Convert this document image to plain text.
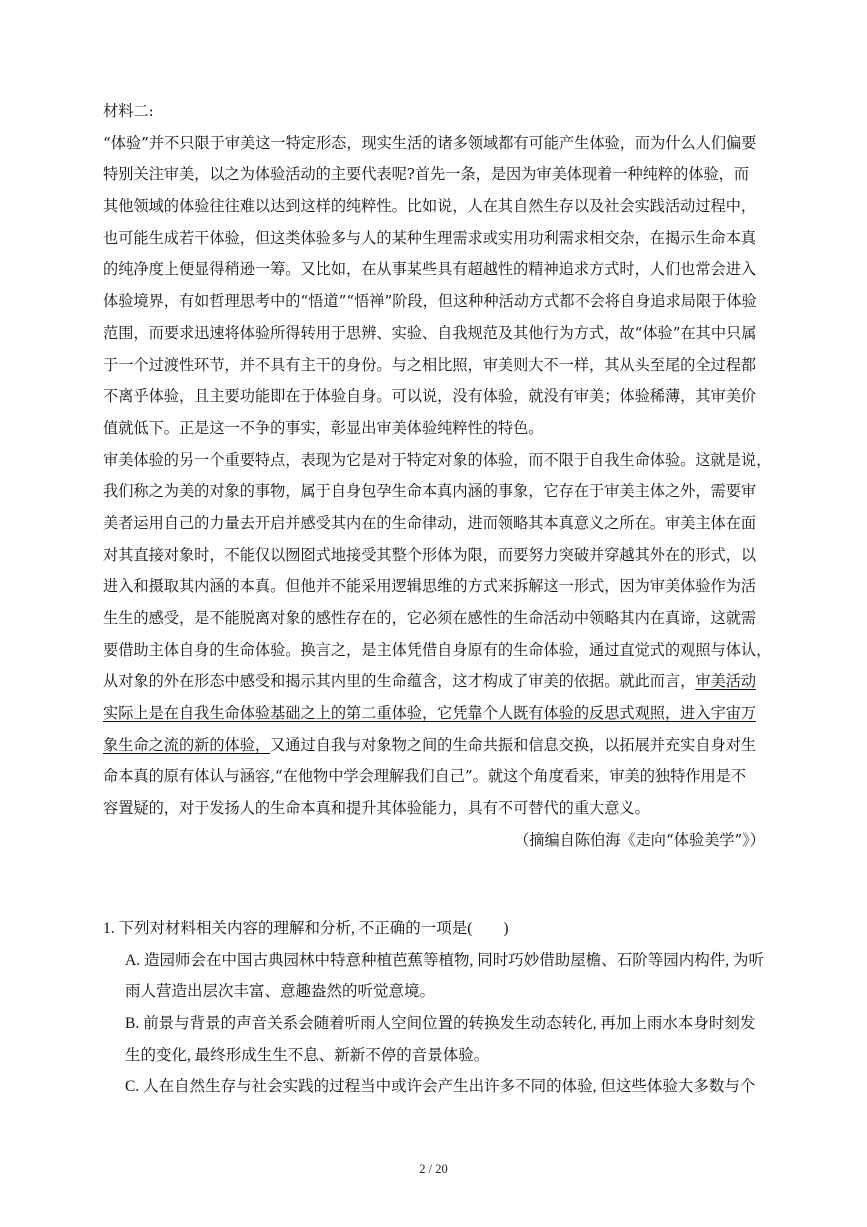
材料二:
“体验”并不只限于审美这一特定形态，现实生活的诸多领域都有可能产生体验，而为什么人们偏要
特别关注审美，以之为体验活动的主要代表呢?首先一条，是因为审美体现着一种纯粹的体验，而
其他领域的体验往往难以达到这样的纯粹性。比如说，人在其自然生存以及社会实践活动过程中，
也可能生成若干体验，但这类体验多与人的某种生理需求或实用功利需求相交杂，在揭示生命本真
的纯净度上便显得稍逊一筹。又比如，在从事某些具有超越性的精神追求方式时，人们也常会进入
体验境界，有如哲理思考中的“悟道”“悟禅”阶段，但这种种活动方式都不会将自身追求局限于体验
范围，而要求迅速将体验所得转用于思辨、实验、自我规范及其他行为方式，故“体验”在其中只属
于一个过渡性环节，并不具有主干的身份。与之相比照，审美则大不一样，其从头至尾的全过程都
不离乎体验，且主要功能即在于体验自身。可以说，没有体验，就没有审美；体验稀薄，其审美价
值就低下。正是这一不争的事实，彰显出审美体验纯粹性的特色。
审美体验的另一个重要特点，表现为它是对于特定对象的体验，而不限于自我生命体验。这就是说，
我们称之为美的对象的事物，属于自身包孕生命本真内涵的事象，它存在于审美主体之外，需要审
美者运用自己的力量去开启并感受其内在的生命律动，进而领略其本真意义之所在。审美主体在面
对其直接对象时，不能仅以囫囵式地接受其整个形体为限，而要努力突破并穿越其外在的形式，以
进入和摄取其内涵的本真。但他并不能采用逻辑思维的方式来拆解这一形式，因为审美体验作为活
生生的感受，是不能脱离对象的感性存在的，它必须在感性的生命活动中领略其内在真谛，这就需
要借助主体自身的生命体验。换言之，是主体凭借自身原有的生命体验，通过直觉式的观照与体认，
从对象的外在形态中感受和揭示其内里的生命蕴含，这才构成了审美的依据。就此而言，审美活动
实际上是在自我生命体验基础之上的第二重体验，它凭靠个人既有体验的反思式观照，进入宇宙万
象生命之流的新的体验，又通过自我与对象物之间的生命共振和信息交换，以拓展并充实自身对生
命本真的原有体认与涵容,“在他物中学会理解我们自己”。就这个角度看来，审美的独特作用是不
容置疑的，对于发扬人的生命本真和提升其体验能力，具有不可替代的重大意义。
（摘编自陈伯海《走向“体验美学”》）
1. 下列对材料相关内容的理解和分析, 不正确的一项是(　　)
A. 造园师会在中国古典园林中特意种植芭蕉等植物, 同时巧妙借助屋檐、石阶等园内构件, 为听
雨人营造出层次丰富、意趣盎然的听觉意境。
B. 前景与背景的声音关系会随着听雨人空间位置的转换发生动态转化, 再加上雨水本身时刻发
生的变化, 最终形成生生不息、新新不停的音景体验。
C. 人在自然生存与社会实践的过程当中或许会产生出许多不同的体验, 但这些体验大多数与个
2 / 20
